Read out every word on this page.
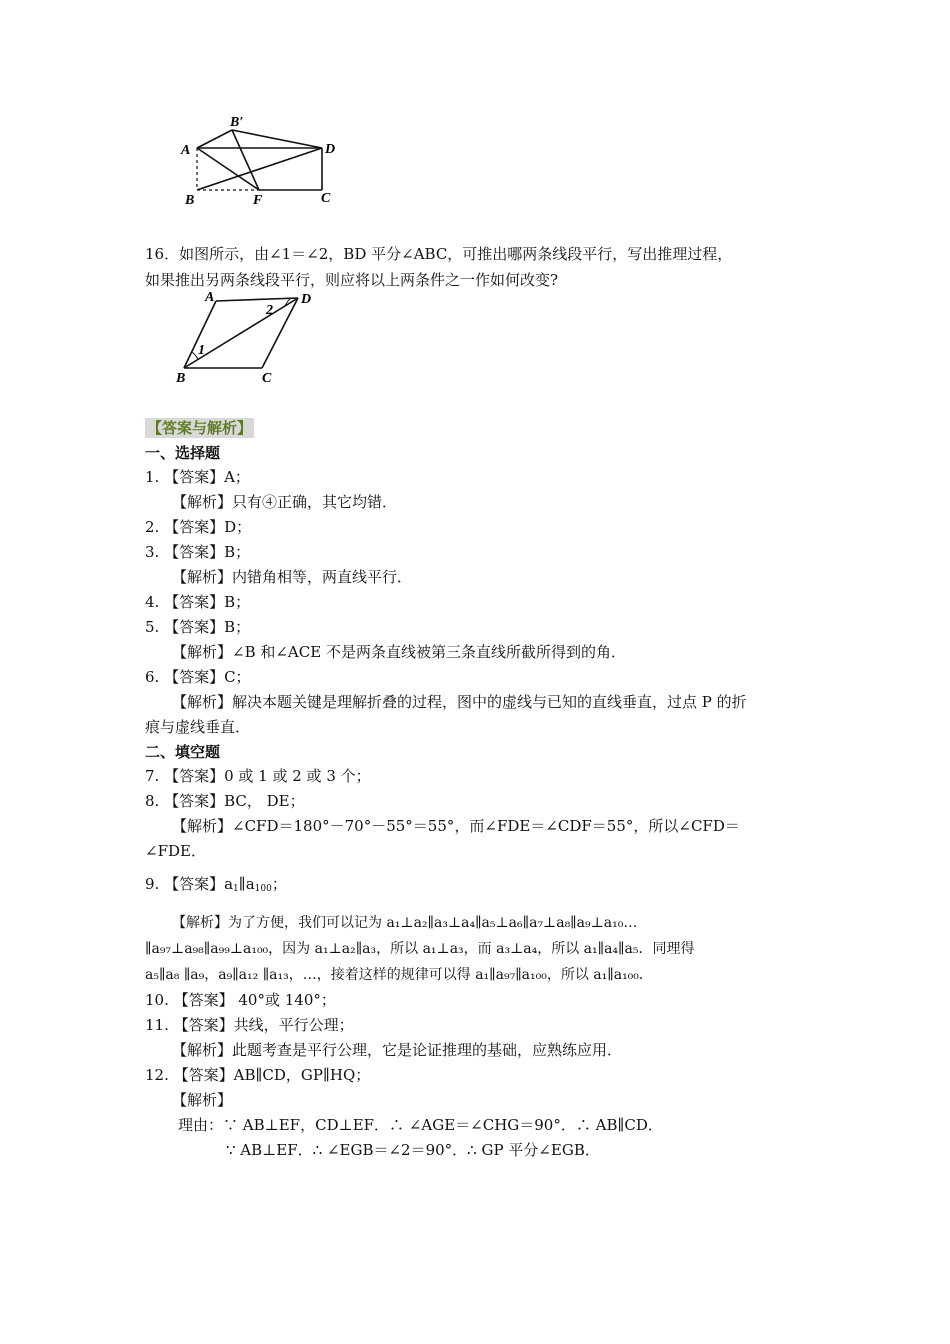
B′
A	D
B	F	C
16．如图所示，由∠1＝∠2，BD 平分∠ABC，可推出哪两条线段平行，写出推理过程，
如果推出另两条线段平行，则应将以上两条件之一作如何改变?
A	D
B	C
1
2
【答案与解析】
一、选择题
1. 【答案】A；
【解析】只有④正确，其它均错．
2. 【答案】D；
3. 【答案】B；
【解析】内错角相等，两直线平行．
4. 【答案】B；
5. 【答案】B；
【解析】∠B 和∠ACE 不是两条直线被第三条直线所截所得到的角．
6. 【答案】C；
【解析】解决本题关键是理解折叠的过程，图中的虚线与已知的直线垂直，过点 P 的折
痕与虚线垂直．
二、填空题
7. 【答案】0 或 1 或 2 或 3 个；
8. 【答案】BC， DE；
【解析】∠CFD＝180°－70°－55°＝55°，而∠FDE＝∠CDF＝55°，所以∠CFD＝
∠FDE．
9. 【答案】$a_1\parallel a_{100}$；
【解析】为了方便，我们可以记为 a₁⊥a₂∥a₃⊥a₄∥a₅⊥a₆∥a₇⊥a₈∥a₉⊥a₁₀…
∥a₉₇⊥a₉₈∥a₉₉⊥a₁₀₀，因为 a₁⊥a₂∥a₃，所以 a₁⊥a₃，而 a₃⊥a₄，所以 a₁∥a₄∥a₅．同理得
a₅∥a₈ ∥a₉，a₉∥a₁₂ ∥a₁₃，…，接着这样的规律可以得 a₁∥a₉₇∥a₁₀₀，所以 a₁∥a₁₀₀．
10. 【答案】 40°或 140°；
11. 【答案】共线，平行公理；
【解析】此题考查是平行公理，它是论证推理的基础，应熟练应用．
12. 【答案】AB∥CD，GP∥HQ；
【解析】
理由：∵ AB⊥EF，CD⊥EF．∴ ∠AGE＝∠CHG＝90°．∴ AB∥CD．
∵ AB⊥EF．∴ ∠EGB＝∠2＝90°．∴ GP 平分∠EGB．
